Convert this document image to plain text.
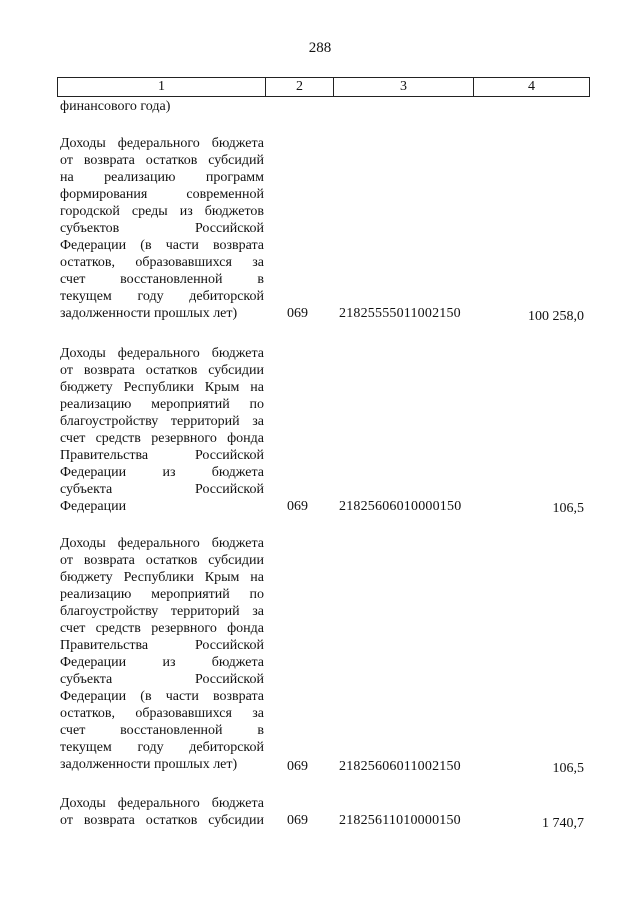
288
1	2	3	4
финансового года)
Доходы федерального бюджета
от возврата остатков субсидий
на реализацию программ
формирования современной
городской среды из бюджетов
субъектов Российской
Федерации (в части возврата
остатков, образовавшихся за
счет восстановленной в
текущем году дебиторской
задолженности прошлых лет)	069 21825555011002150	100 258,0
Доходы федерального бюджета
от возврата остатков субсидии
бюджету Республики Крым на
реализацию мероприятий по
благоустройству территорий за
счет средств резервного фонда
Правительства Российской
Федерации из бюджета
субъекта Российской
Федерации	069 21825606010000150	106,5
Доходы федерального бюджета
от возврата остатков субсидии
бюджету Республики Крым на
реализацию мероприятий по
благоустройству территорий за
счет средств резервного фонда
Правительства Российской
Федерации из бюджета
субъекта Российской
Федерации (в части возврата
остатков, образовавшихся за
счет восстановленной в
текущем году дебиторской
задолженности прошлых лет)	069 21825606011002150	106,5
Доходы федерального бюджета
от возврата остатков субсидии 069 21825611010000150	1 740,7
